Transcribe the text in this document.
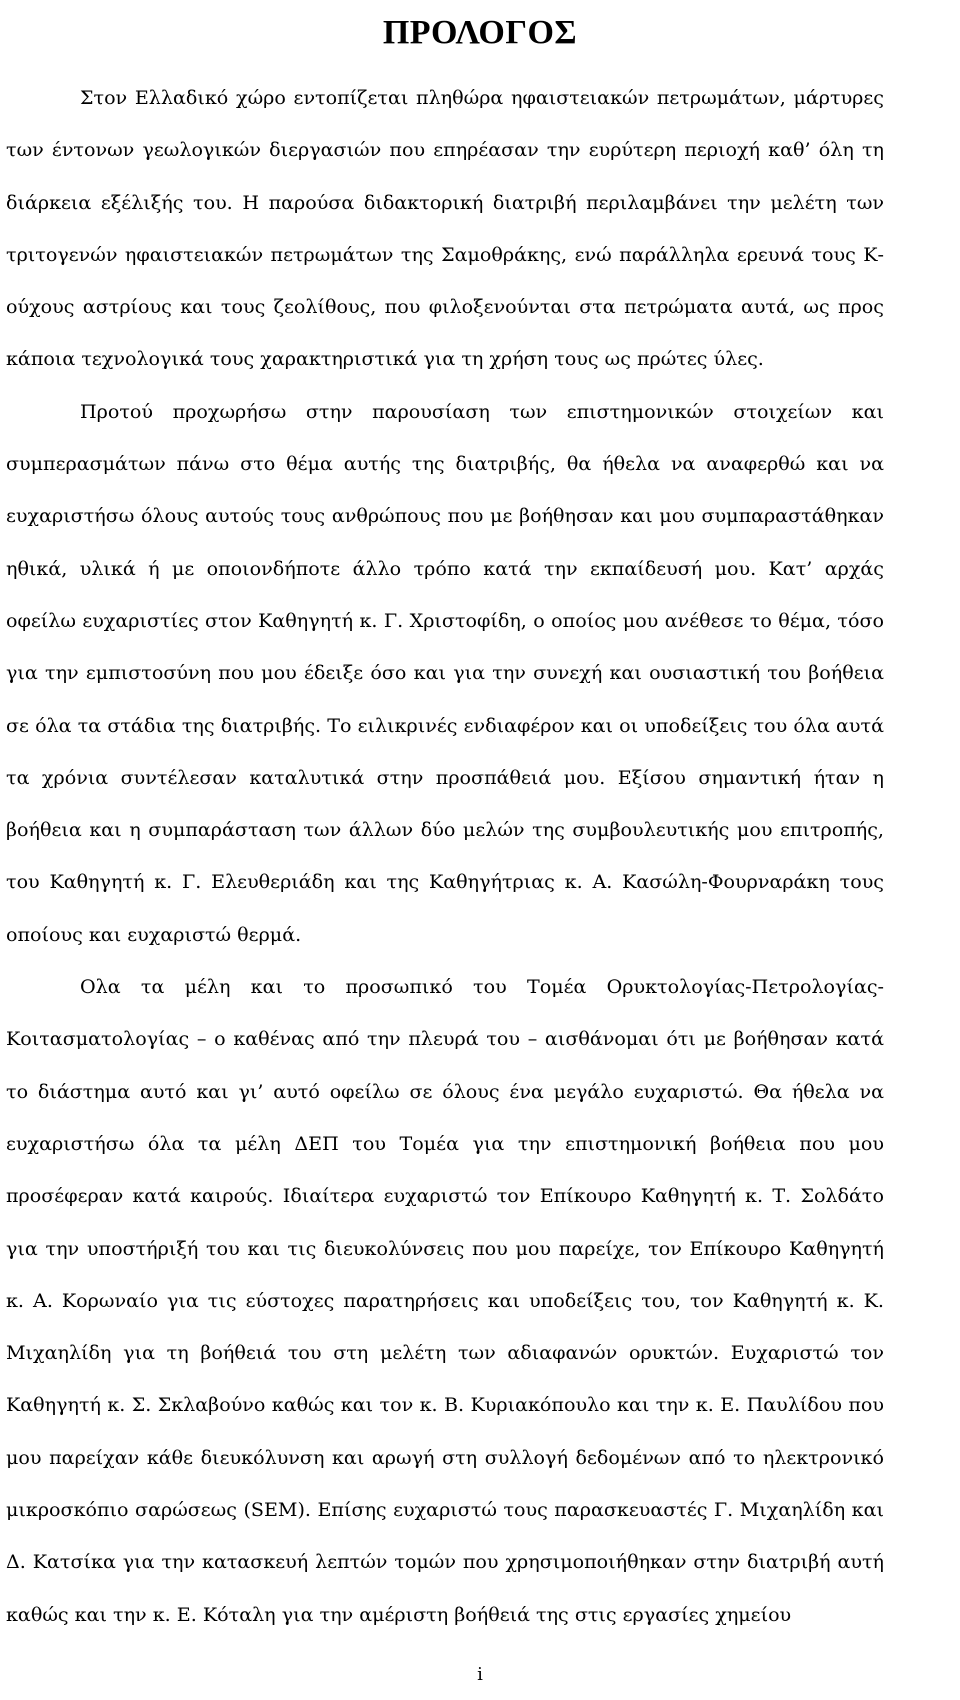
ΠΡΟΛΟΓΟΣ

Στον Ελλαδικό χώρο εντοπίζεται πληθώρα ηφαιστειακών πετρωμάτων, μάρτυρες των έντονων γεωλογικών διεργασιών που επηρέασαν την ευρύτερη περιοχή καθ’ όλη τη διάρκεια εξέλιξής του. Η παρούσα διδακτορική διατριβή περιλαμβάνει την μελέτη των τριτογενών ηφαιστειακών πετρωμάτων της Σαμοθράκης, ενώ παράλληλα ερευνά τους Κ-ούχους αστρίους και τους ζεολίθους, που φιλοξενούνται στα πετρώματα αυτά, ως προς κάποια τεχνολογικά τους χαρακτηριστικά για τη χρήση τους ως πρώτες ύλες.

Προτού προχωρήσω στην παρουσίαση των επιστημονικών στοιχείων και συμπερασμάτων πάνω στο θέμα αυτής της διατριβής, θα ήθελα να αναφερθώ και να ευχαριστήσω όλους αυτούς τους ανθρώπους που με βοήθησαν και μου συμπαραστάθηκαν ηθικά, υλικά ή με οποιονδήποτε άλλο τρόπο κατά την εκπαίδευσή μου. Κατ’ αρχάς οφείλω ευχαριστίες στον Καθηγητή κ. Γ. Χριστοφίδη, ο οποίος μου ανέθεσε το θέμα, τόσο για την εμπιστοσύνη που μου έδειξε όσο και για την συνεχή και ουσιαστική του βοήθεια σε όλα τα στάδια της διατριβής. Το ειλικρινές ενδιαφέρον και οι υποδείξεις του όλα αυτά τα χρόνια συντέλεσαν καταλυτικά στην προσπάθειά μου. Εξίσου σημαντική ήταν η βοήθεια και η συμπαράσταση των άλλων δύο μελών της συμβουλευτικής μου επιτροπής, του Καθηγητή κ. Γ. Ελευθεριάδη και της Καθηγήτριας κ. Α. Κασώλη-Φουρναράκη τους οποίους και ευχαριστώ θερμά.

Ολα τα μέλη και το προσωπικό του Τομέα Ορυκτολογίας-Πετρολογίας-Κοιτασματολογίας – ο καθένας από την πλευρά του – αισθάνομαι ότι με βοήθησαν κατά το διάστημα αυτό και γι’ αυτό οφείλω σε όλους ένα μεγάλο ευχαριστώ. Θα ήθελα να ευχαριστήσω όλα τα μέλη ΔΕΠ του Τομέα για την επιστημονική βοήθεια που μου προσέφεραν κατά καιρούς. Ιδιαίτερα ευχαριστώ τον Επίκουρο Καθηγητή κ. Τ. Σολδάτο για την υποστήριξή του και τις διευκολύνσεις που μου παρείχε, τον Επίκουρο Καθηγητή κ. Α. Κορωναίο για τις εύστοχες παρατηρήσεις και υποδείξεις του, τον Καθηγητή κ. Κ. Μιχαηλίδη για τη βοήθειά του στη μελέτη των αδιαφανών ορυκτών. Ευχαριστώ τον Καθηγητή κ. Σ. Σκλαβούνο καθώς και τον κ. Β. Κυριακόπουλο και την κ. Ε. Παυλίδου που μου παρείχαν κάθε διευκόλυνση και αρωγή στη συλλογή δεδομένων από το ηλεκτρονικό μικροσκόπιο σαρώσεως (SEM). Επίσης ευχαριστώ τους παρασκευαστές Γ. Μιχαηλίδη και Δ. Κατσίκα για την κατασκευή λεπτών τομών που χρησιμοποιήθηκαν στην διατριβή αυτή καθώς και την κ. Ε. Κόταλη για την αμέριστη βοήθειά της στις εργασίες χημείου

i
